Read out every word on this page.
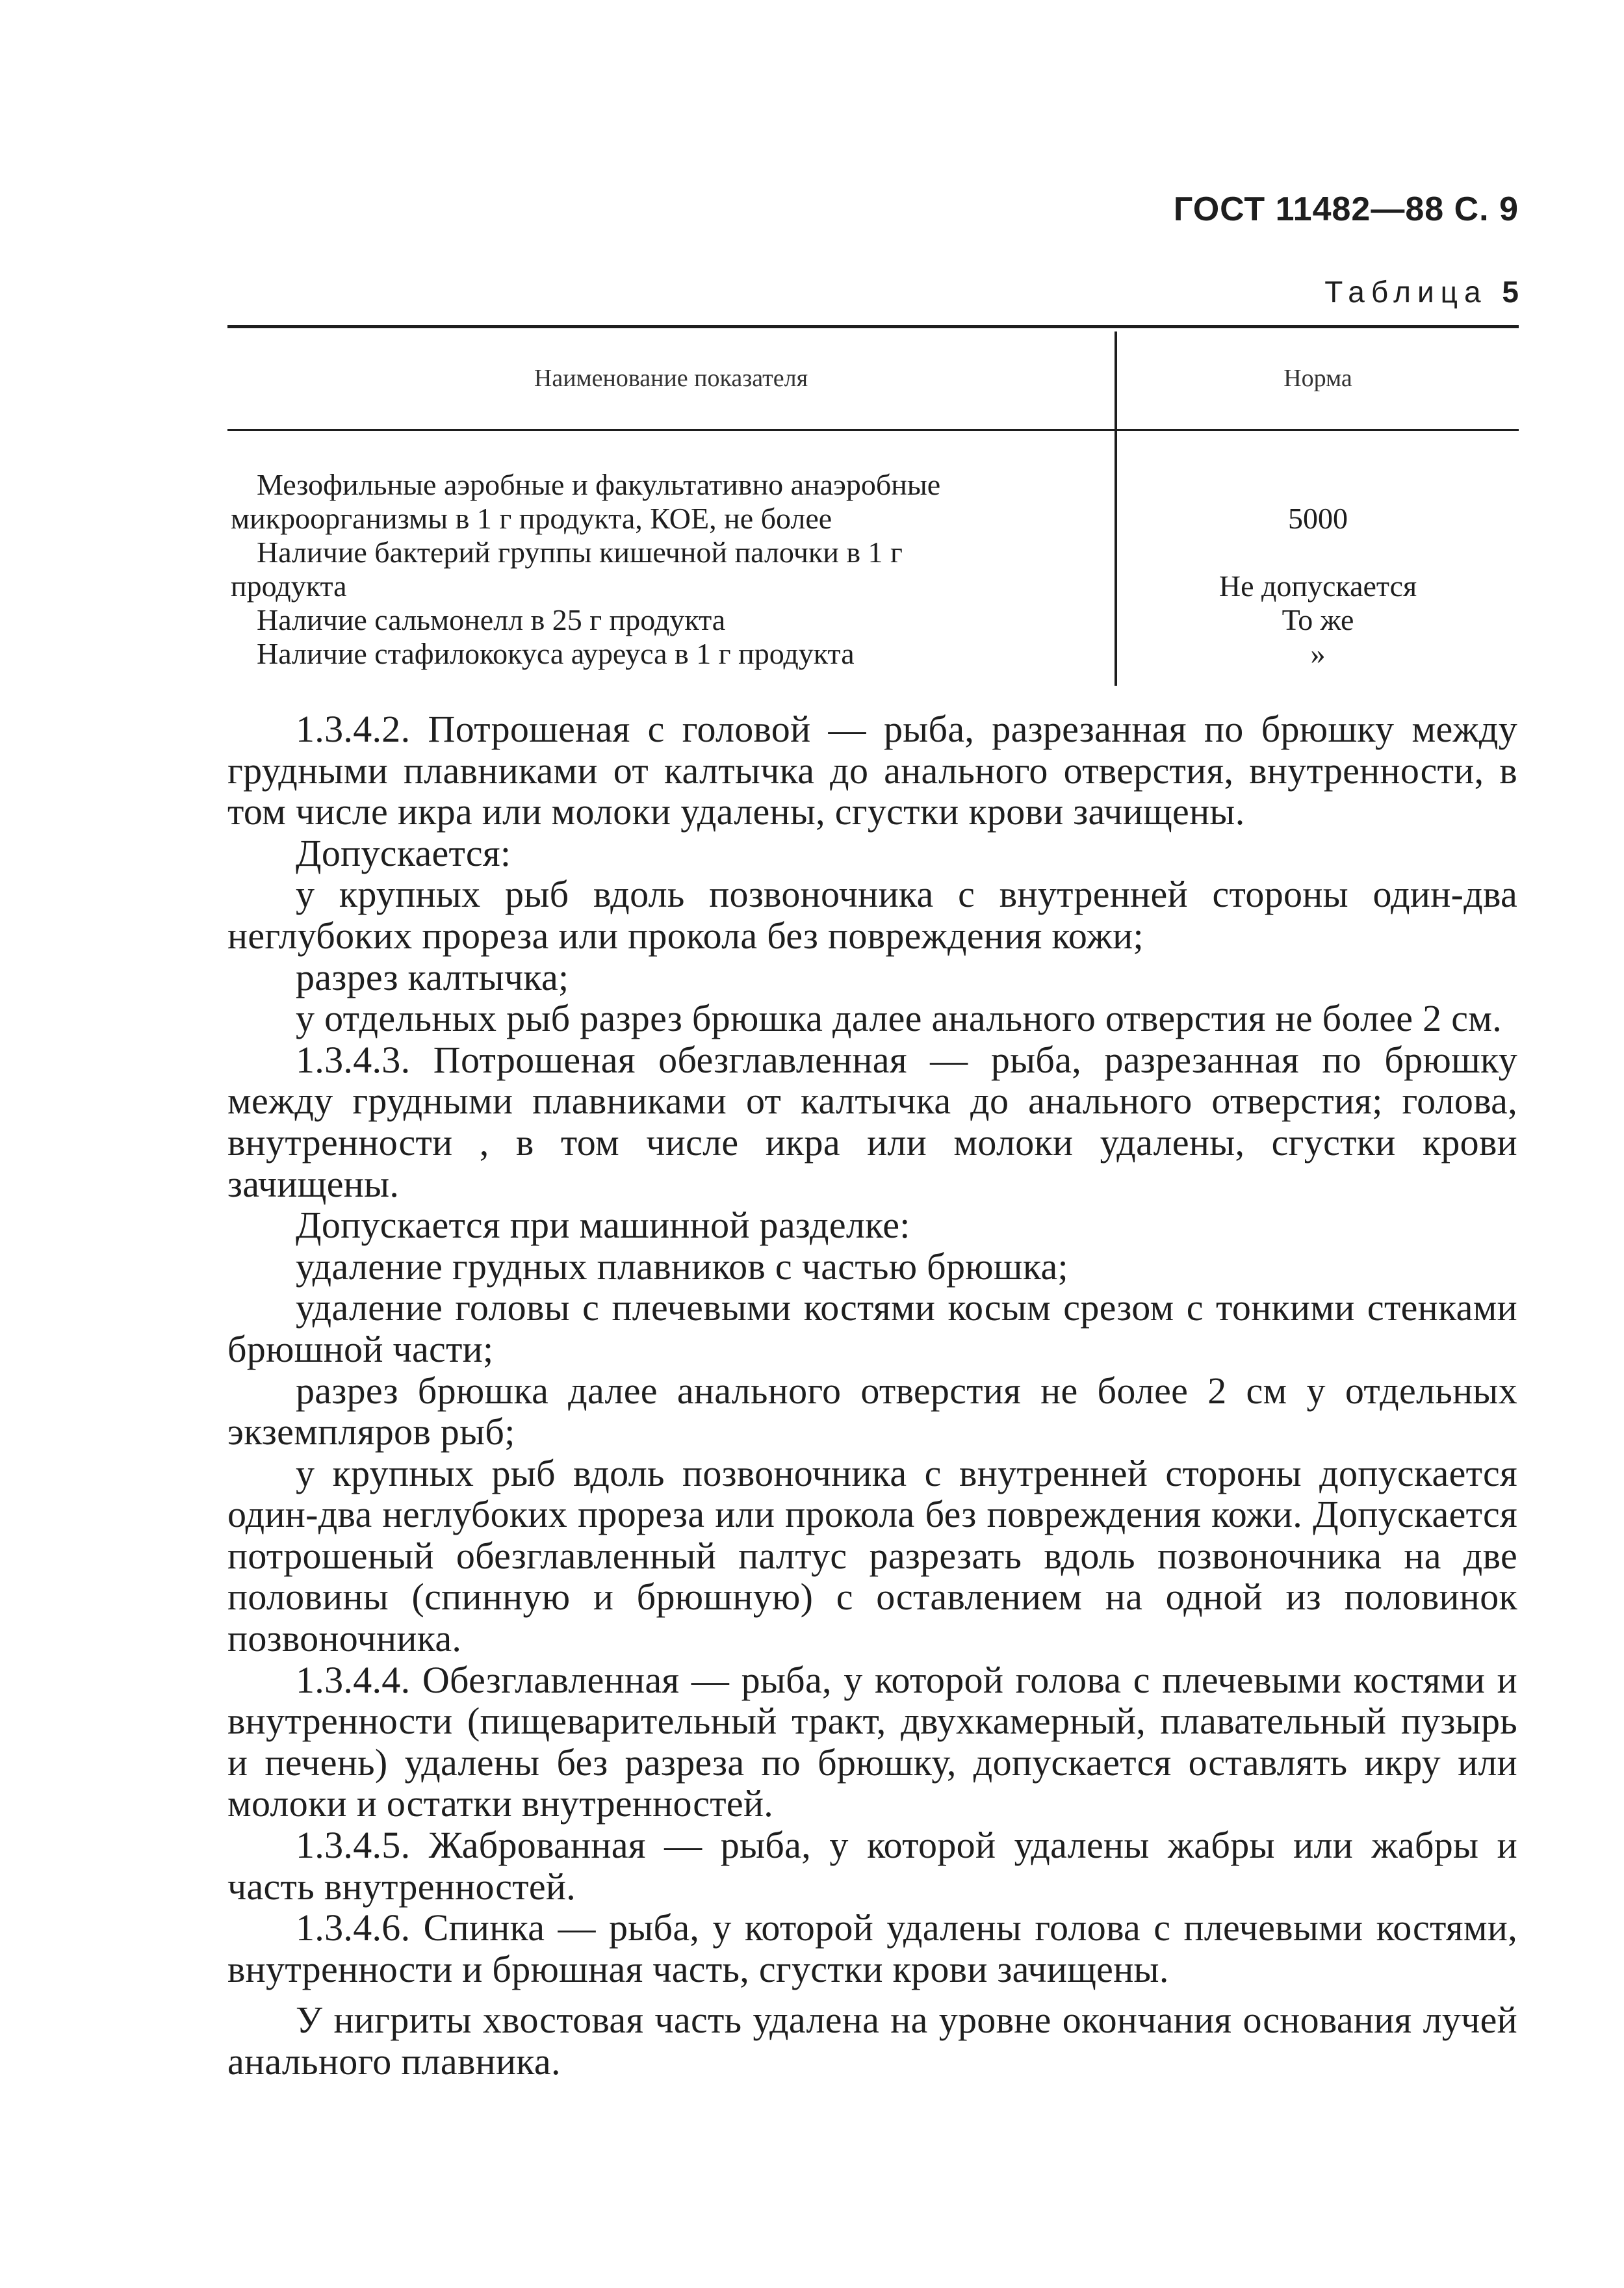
ГОСТ 11482—88 С. 9
Таблица 5
Наименование показателя	Норма
Мезофильные аэробные и факультативно анаэробные
микроорганизмы в 1 г продукта, КОЕ, не более	5000
Наличие бактерий группы кишечной палочки в 1 г
продукта	Не допускается
Наличие сальмонелл в 25 г продукта	То же
Наличие стафилококуса ауреуса в 1 г продукта	»

1.3.4.2. Потрошеная с головой — рыба, разрезанная по брюшку между грудными плавниками от калтычка до анального отверстия, внутренности, в том числе икра или молоки удалены, сгустки крови зачищены.

Допускается:

у крупных рыб вдоль позвоночника с внутренней стороны один-два неглубоких прореза или прокола без повреждения кожи;

разрез калтычка;

у отдельных рыб разрез брюшка далее анального отверстия не более 2 см.

1.3.4.3. Потрошеная обезглавленная — рыба, разрезанная по брюшку между грудными плавниками от калтычка до анального отверстия; голова, внутренности , в том числе икра или молоки удалены, сгустки крови зачищены.

Допускается при машинной разделке:

удаление грудных плавников с частью брюшка;

удаление головы с плечевыми костями косым срезом с тонкими стенками брюшной части;

разрез брюшка далее анального отверстия не более 2 см у отдельных экземпляров рыб;

у крупных рыб вдоль позвоночника с внутренней стороны допускается один-два неглубоких прореза или прокола без повреждения кожи. Допускается потрошеный обезглавленный палтус разрезать вдоль позвоночника на две половины (спинную и брюшную) с оставлением на одной из половинок позвоночника.

1.3.4.4. Обезглавленная — рыба, у которой голова с плечевыми костями и внутренности (пищеварительный тракт, двухкамерный, плавательный пузырь и печень) удалены без разреза по брюшку, допускается оставлять икру или молоки и остатки внутренностей.

1.3.4.5. Жаброванная — рыба, у которой удалены жабры или жабры и часть внутренностей.

1.3.4.6. Спинка — рыба, у которой удалены голова с плечевыми костями, внутренности и брюшная часть, сгустки крови зачищены.

У нигриты хвостовая часть удалена на уровне окончания основания лучей анального плавника.
